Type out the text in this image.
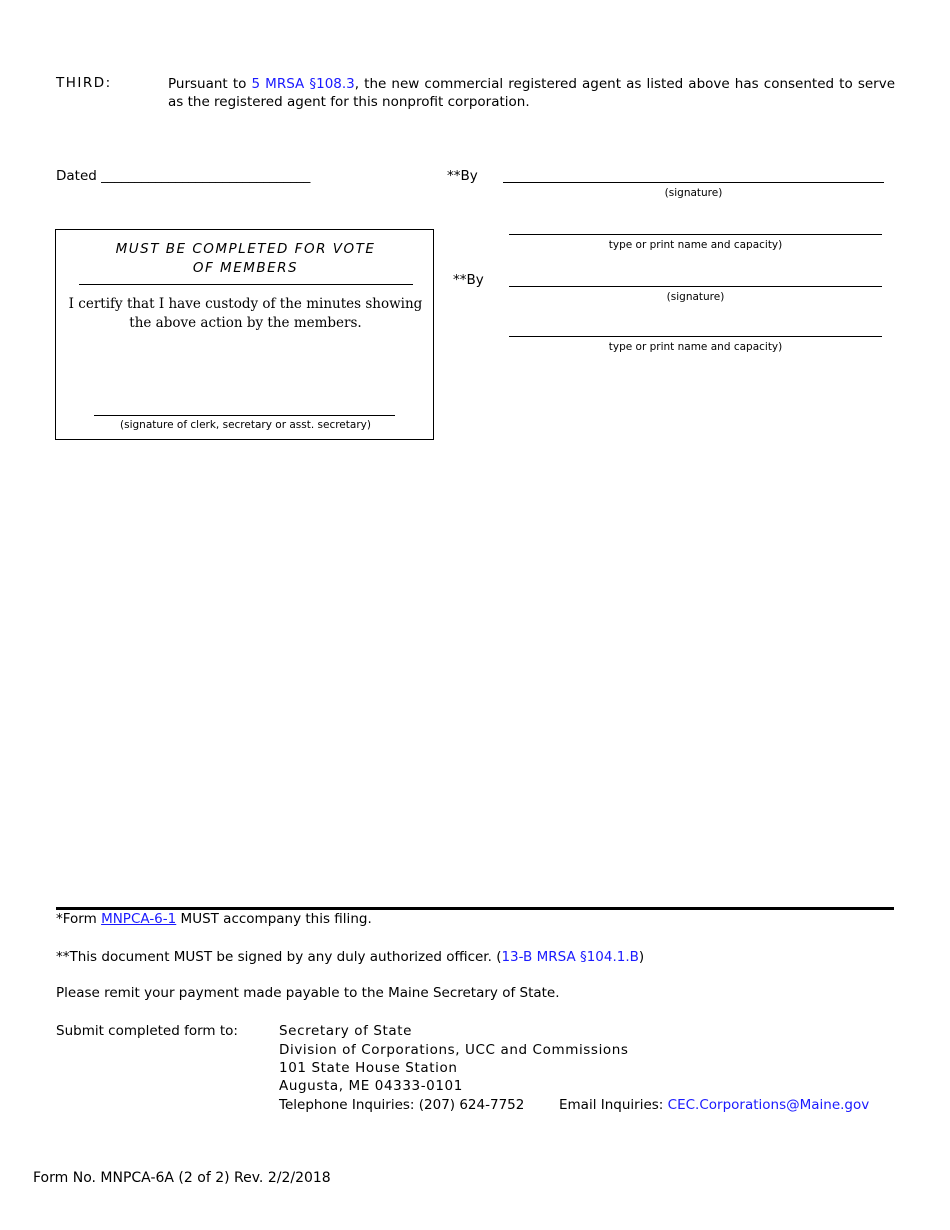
THIRD:	Pursuant to 5 MRSA §108.3, the new commercial registered agent as listed above has consented to serve as the registered agent for this nonprofit corporation.
Dated _______________________________	**By
(signature)
type or print name and capacity)
**By
(signature)
type or print name and capacity)
MUST BE COMPLETED FOR VOTE
OF MEMBERS
I certify that I have custody of the minutes showing
the above action by the members.
(signature of clerk, secretary or asst. secretary)
*Form MNPCA-6-1 MUST accompany this filing.
**This document MUST be signed by any duly authorized officer. (13-B MRSA §104.1.B)
Please remit your payment made payable to the Maine Secretary of State.
Submit completed form to:	Secretary of State
Division of Corporations, UCC and Commissions
101 State House Station
Augusta, ME 04333-0101
Telephone Inquiries: (207) 624-7752	Email Inquiries: CEC.Corporations@Maine.gov
Form No. MNPCA-6A (2 of 2) Rev. 2/2/2018
